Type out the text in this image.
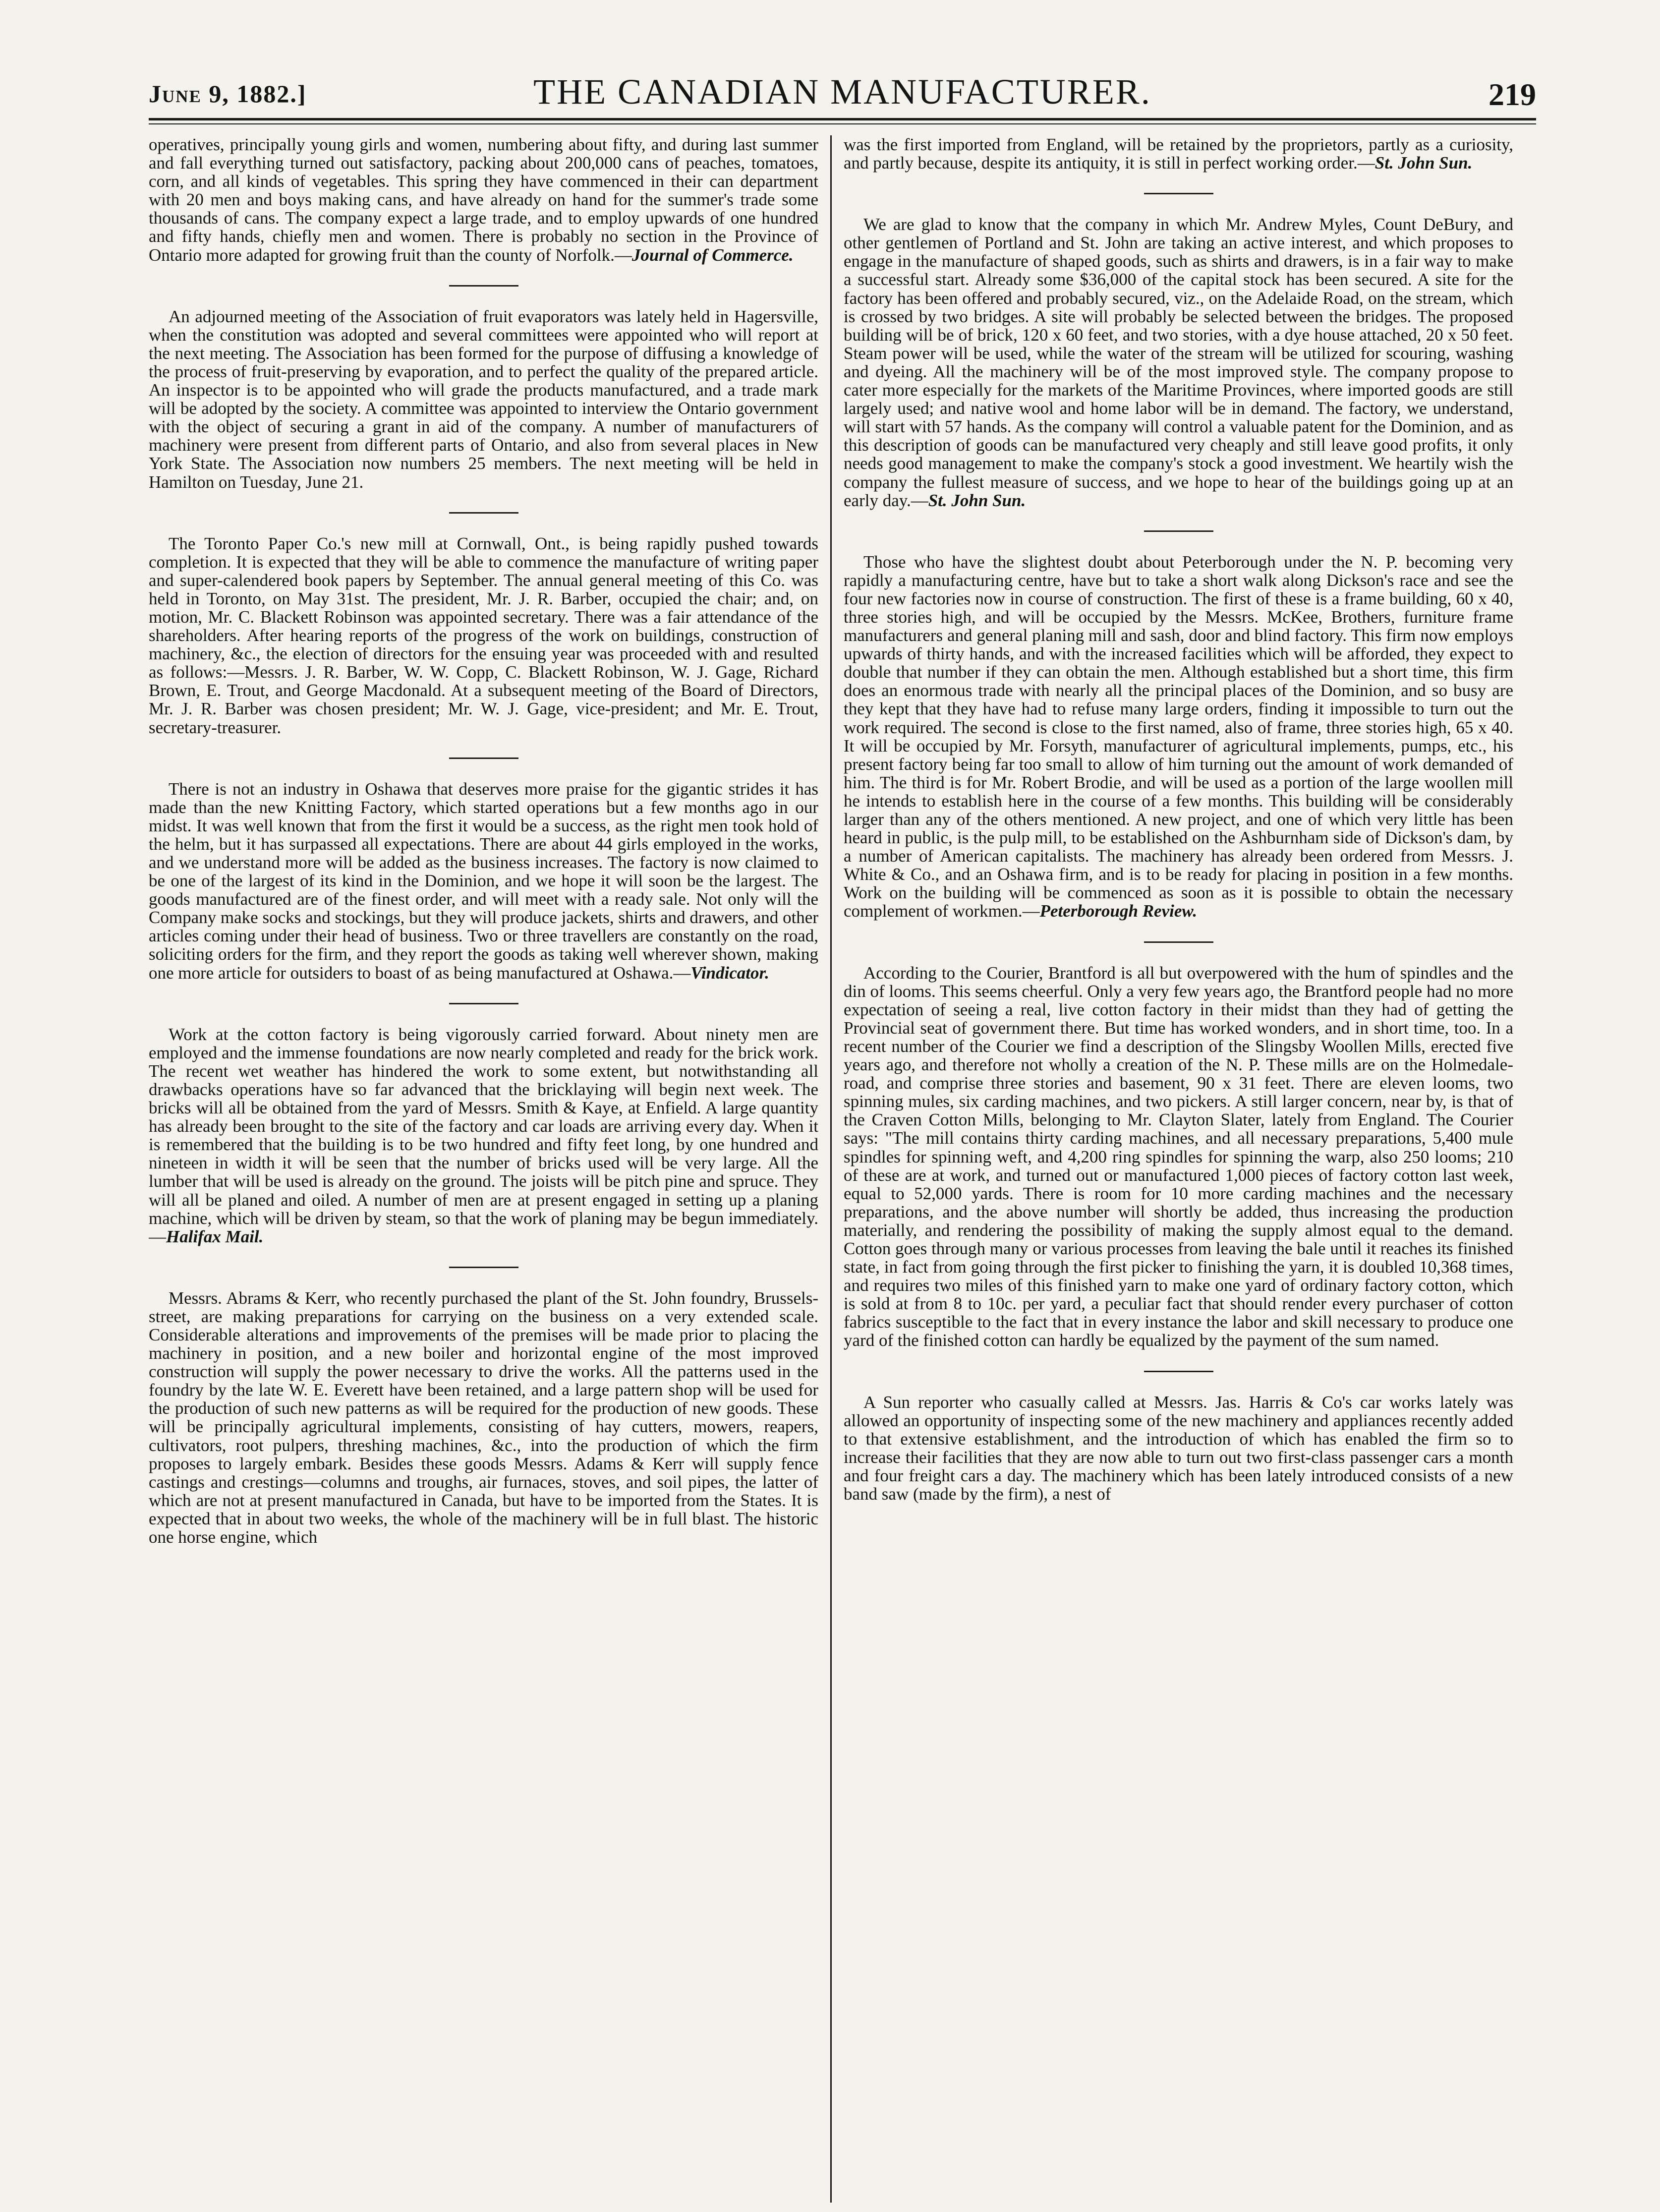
June 9, 1882.]	THE CANADIAN MANUFACTURER.	219

operatives, principally young girls and women, numbering about fifty, and during last summer and fall everything turned out satisfactory, packing about 200,000 cans of peaches, tomatoes, corn, and all kinds of vegetables. This spring they have commenced in their can department with 20 men and boys making cans, and have already on hand for the summer's trade some thousands of cans. The company expect a large trade, and to employ upwards of one hundred and fifty hands, chiefly men and women. There is probably no section in the Province of Ontario more adapted for growing fruit than the county of Norfolk.—Journal of Commerce.

An adjourned meeting of the Association of fruit evaporators was lately held in Hagersville, when the constitution was adopted and several committees were appointed who will report at the next meeting. The Association has been formed for the purpose of diffusing a knowledge of the process of fruit-preserving by evaporation, and to perfect the quality of the prepared article. An inspector is to be appointed who will grade the products manufactured, and a trade mark will be adopted by the society. A committee was appointed to interview the Ontario government with the object of securing a grant in aid of the company. A number of manufacturers of machinery were present from different parts of Ontario, and also from several places in New York State. The Association now numbers 25 members. The next meeting will be held in Hamilton on Tuesday, June 21.

The Toronto Paper Co.'s new mill at Cornwall, Ont., is being rapidly pushed towards completion. It is expected that they will be able to commence the manufacture of writing paper and super-calendered book papers by September. The annual general meeting of this Co. was held in Toronto, on May 31st. The president, Mr. J. R. Barber, occupied the chair; and, on motion, Mr. C. Blackett Robinson was appointed secretary. There was a fair attendance of the shareholders. After hearing reports of the progress of the work on buildings, construction of machinery, &c., the election of directors for the ensuing year was proceeded with and resulted as follows:—Messrs. J. R. Barber, W. W. Copp, C. Blackett Robinson, W. J. Gage, Richard Brown, E. Trout, and George Macdonald. At a subsequent meeting of the Board of Directors, Mr. J. R. Barber was chosen president; Mr. W. J. Gage, vice-president; and Mr. E. Trout, secretary-treasurer.

There is not an industry in Oshawa that deserves more praise for the gigantic strides it has made than the new Knitting Factory, which started operations but a few months ago in our midst. It was well known that from the first it would be a success, as the right men took hold of the helm, but it has surpassed all expectations. There are about 44 girls employed in the works, and we understand more will be added as the business increases. The factory is now claimed to be one of the largest of its kind in the Dominion, and we hope it will soon be the largest. The goods manufactured are of the finest order, and will meet with a ready sale. Not only will the Company make socks and stockings, but they will produce jackets, shirts and drawers, and other articles coming under their head of business. Two or three travellers are constantly on the road, soliciting orders for the firm, and they report the goods as taking well wherever shown, making one more article for outsiders to boast of as being manufactured at Oshawa.—Vindicator.

Work at the cotton factory is being vigorously carried forward. About ninety men are employed and the immense foundations are now nearly completed and ready for the brick work. The recent wet weather has hindered the work to some extent, but notwithstanding all drawbacks operations have so far advanced that the bricklaying will begin next week. The bricks will all be obtained from the yard of Messrs. Smith & Kaye, at Enfield. A large quantity has already been brought to the site of the factory and car loads are arriving every day. When it is remembered that the building is to be two hundred and fifty feet long, by one hundred and nineteen in width it will be seen that the number of bricks used will be very large. All the lumber that will be used is already on the ground. The joists will be pitch pine and spruce. They will all be planed and oiled. A number of men are at present engaged in setting up a planing machine, which will be driven by steam, so that the work of planing may be begun immediately.—Halifax Mail.

Messrs. Abrams & Kerr, who recently purchased the plant of the St. John foundry, Brussels-street, are making preparations for carrying on the business on a very extended scale. Considerable alterations and improvements of the premises will be made prior to placing the machinery in position, and a new boiler and horizontal engine of the most improved construction will supply the power necessary to drive the works. All the patterns used in the foundry by the late W. E. Everett have been retained, and a large pattern shop will be used for the production of such new patterns as will be required for the production of new goods. These will be principally agricultural implements, consisting of hay cutters, mowers, reapers, cultivators, root pulpers, threshing machines, &c., into the production of which the firm proposes to largely embark. Besides these goods Messrs. Adams & Kerr will supply fence castings and crestings—columns and troughs, air furnaces, stoves, and soil pipes, the latter of which are not at present manufactured in Canada, but have to be imported from the States. It is expected that in about two weeks, the whole of the machinery will be in full blast. The historic one horse engine, which

was the first imported from England, will be retained by the proprietors, partly as a curiosity, and partly because, despite its antiquity, it is still in perfect working order.—St. John Sun.

We are glad to know that the company in which Mr. Andrew Myles, Count DeBury, and other gentlemen of Portland and St. John are taking an active interest, and which proposes to engage in the manufacture of shaped goods, such as shirts and drawers, is in a fair way to make a successful start. Already some $36,000 of the capital stock has been secured. A site for the factory has been offered and probably secured, viz., on the Adelaide Road, on the stream, which is crossed by two bridges. A site will probably be selected between the bridges. The proposed building will be of brick, 120 x 60 feet, and two stories, with a dye house attached, 20 x 50 feet. Steam power will be used, while the water of the stream will be utilized for scouring, washing and dyeing. All the machinery will be of the most improved style. The company propose to cater more especially for the markets of the Maritime Provinces, where imported goods are still largely used; and native wool and home labor will be in demand. The factory, we understand, will start with 57 hands. As the company will control a valuable patent for the Dominion, and as this description of goods can be manufactured very cheaply and still leave good profits, it only needs good management to make the company's stock a good investment. We heartily wish the company the fullest measure of success, and we hope to hear of the buildings going up at an early day.—St. John Sun.

Those who have the slightest doubt about Peterborough under the N. P. becoming very rapidly a manufacturing centre, have but to take a short walk along Dickson's race and see the four new factories now in course of construction. The first of these is a frame building, 60 x 40, three stories high, and will be occupied by the Messrs. McKee, Brothers, furniture frame manufacturers and general planing mill and sash, door and blind factory. This firm now employs upwards of thirty hands, and with the increased facilities which will be afforded, they expect to double that number if they can obtain the men. Although established but a short time, this firm does an enormous trade with nearly all the principal places of the Dominion, and so busy are they kept that they have had to refuse many large orders, finding it impossible to turn out the work required. The second is close to the first named, also of frame, three stories high, 65 x 40. It will be occupied by Mr. Forsyth, manufacturer of agricultural implements, pumps, etc., his present factory being far too small to allow of him turning out the amount of work demanded of him. The third is for Mr. Robert Brodie, and will be used as a portion of the large woollen mill he intends to establish here in the course of a few months. This building will be considerably larger than any of the others mentioned. A new project, and one of which very little has been heard in public, is the pulp mill, to be established on the Ashburnham side of Dickson's dam, by a number of American capitalists. The machinery has already been ordered from Messrs. J. White & Co., and an Oshawa firm, and is to be ready for placing in position in a few months. Work on the building will be commenced as soon as it is possible to obtain the necessary complement of workmen.—Peterborough Review.

According to the Courier, Brantford is all but overpowered with the hum of spindles and the din of looms. This seems cheerful. Only a very few years ago, the Brantford people had no more expectation of seeing a real, live cotton factory in their midst than they had of getting the Provincial seat of government there. But time has worked wonders, and in short time, too. In a recent number of the Courier we find a description of the Slingsby Woollen Mills, erected five years ago, and therefore not wholly a creation of the N. P. These mills are on the Holmedale-road, and comprise three stories and basement, 90 x 31 feet. There are eleven looms, two spinning mules, six carding machines, and two pickers. A still larger concern, near by, is that of the Craven Cotton Mills, belonging to Mr. Clayton Slater, lately from England. The Courier says: "The mill contains thirty carding machines, and all necessary preparations, 5,400 mule spindles for spinning weft, and 4,200 ring spindles for spinning the warp, also 250 looms; 210 of these are at work, and turned out or manufactured 1,000 pieces of factory cotton last week, equal to 52,000 yards. There is room for 10 more carding machines and the necessary preparations, and the above number will shortly be added, thus increasing the production materially, and rendering the possibility of making the supply almost equal to the demand. Cotton goes through many or various processes from leaving the bale until it reaches its finished state, in fact from going through the first picker to finishing the yarn, it is doubled 10,368 times, and requires two miles of this finished yarn to make one yard of ordinary factory cotton, which is sold at from 8 to 10c. per yard, a peculiar fact that should render every purchaser of cotton fabrics susceptible to the fact that in every instance the labor and skill necessary to produce one yard of the finished cotton can hardly be equalized by the payment of the sum named.

A Sun reporter who casually called at Messrs. Jas. Harris & Co's car works lately was allowed an opportunity of inspecting some of the new machinery and appliances recently added to that extensive establishment, and the introduction of which has enabled the firm so to increase their facilities that they are now able to turn out two first-class passenger cars a month and four freight cars a day. The machinery which has been lately introduced consists of a new band saw (made by the firm), a nest of
